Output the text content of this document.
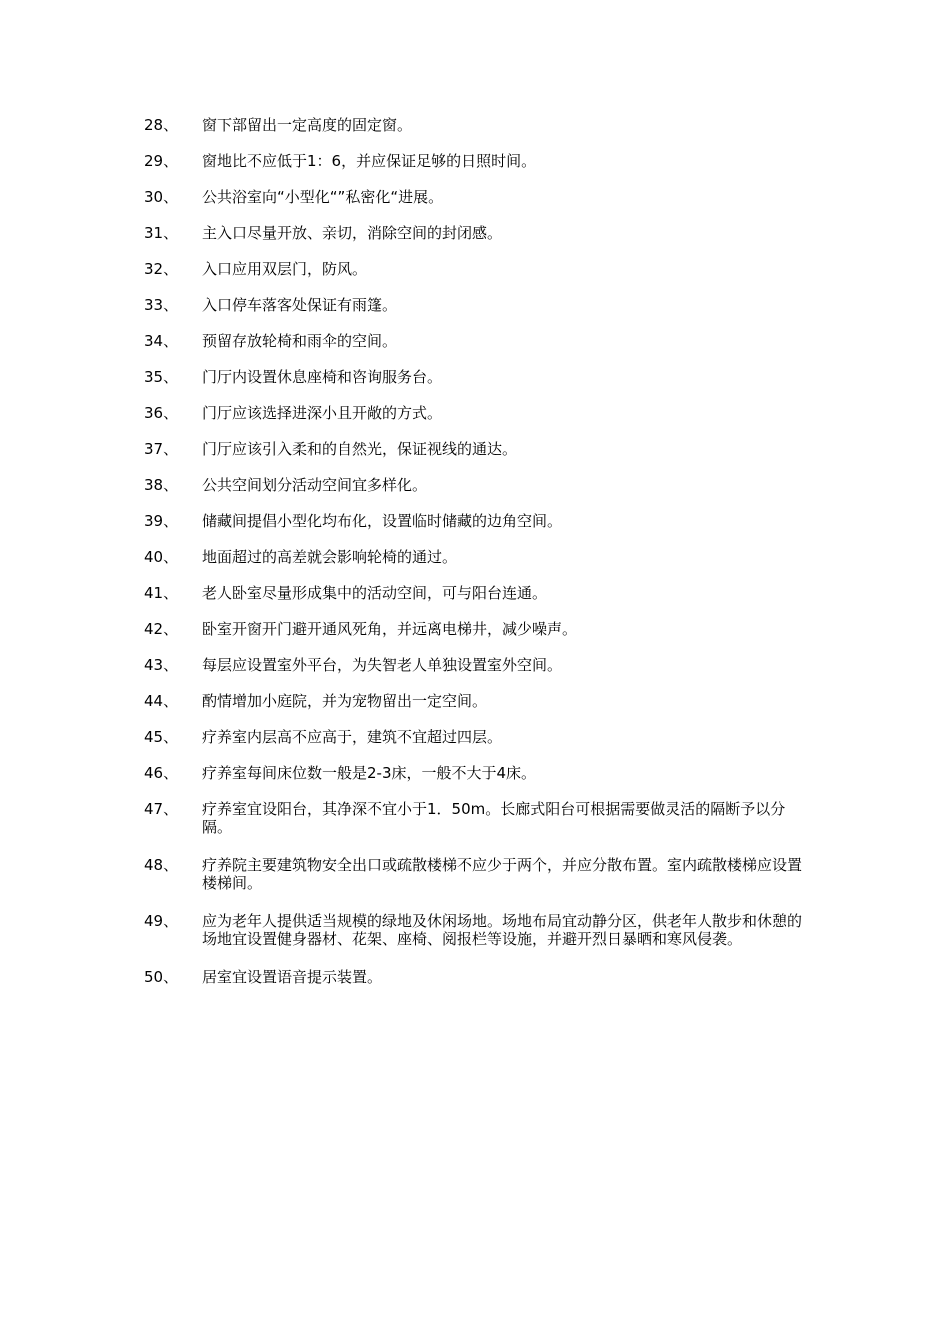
28、	窗下部留出一定高度的固定窗。
29、	窗地比不应低于1：6，并应保证足够的日照时间。
30、	公共浴室向“小型化“”私密化“进展。
31、	主入口尽量开放、亲切，消除空间的封闭感。
32、	入口应用双层门，防风。
33、	入口停车落客处保证有雨篷。
34、	预留存放轮椅和雨伞的空间。
35、	门厅内设置休息座椅和咨询服务台。
36、	门厅应该选择进深小且开敞的方式。
37、	门厅应该引入柔和的自然光，保证视线的通达。
38、	公共空间划分活动空间宜多样化。
39、	储藏间提倡小型化均布化，设置临时储藏的边角空间。
40、	地面超过的高差就会影响轮椅的通过。
41、	老人卧室尽量形成集中的活动空间，可与阳台连通。
42、	卧室开窗开门避开通风死角，并远离电梯井，减少噪声。
43、	每层应设置室外平台，为失智老人单独设置室外空间。
44、	酌情增加小庭院，并为宠物留出一定空间。
45、	疗养室内层高不应高于，建筑不宜超过四层。
46、	疗养室每间床位数一般是2-3床，一般不大于4床。
47、	疗养室宜设阳台，其净深不宜小于1．50m。长廊式阳台可根据需要做灵活的隔断予以分隔。
48、	疗养院主要建筑物安全出口或疏散楼梯不应少于两个，并应分散布置。室内疏散楼梯应设置楼梯间。
49、	应为老年人提供适当规模的绿地及休闲场地。场地布局宜动静分区，供老年人散步和休憩的场地宜设置健身器材、花架、座椅、阅报栏等设施，并避开烈日暴晒和寒风侵袭。
50、	居室宜设置语音提示装置。
